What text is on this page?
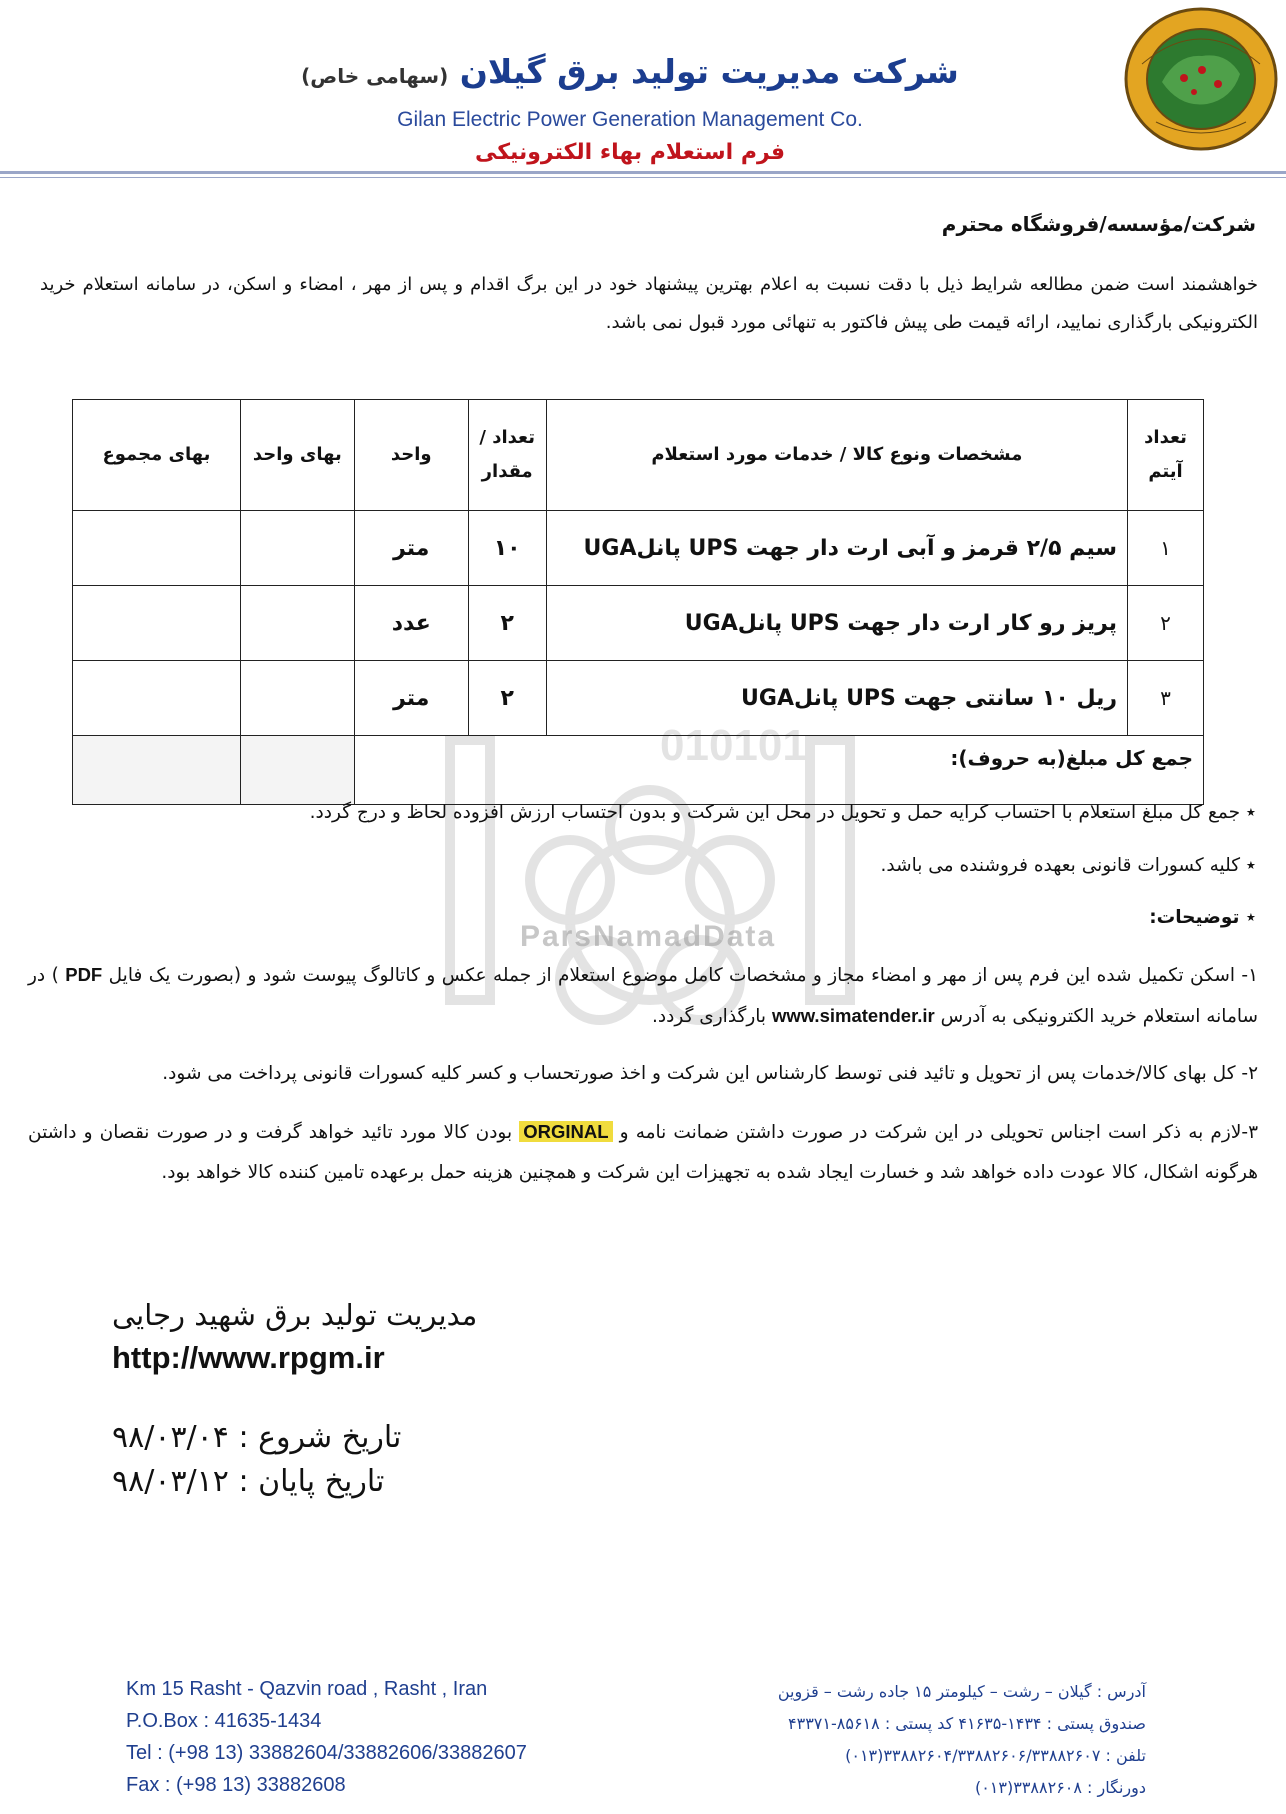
شرکت مدیریت تولید برق گیلان (سهامی خاص)
Gilan Electric Power Generation Management Co.
فرم استعلام بهاء الکترونیکی
شرکت/مؤسسه/فروشگاه محترم
خواهشمند است ضمن مطالعه شرایط ذیل با دقت نسبت به اعلام بهترین پیشنهاد خود در این برگ اقدام و پس از مهر ، امضاء و اسکن، در سامانه استعلام خرید الکترونیکی بارگذاری نمایید، ارائه قیمت طی پیش فاکتور به تنهائی مورد قبول نمی باشد.
010101
ParsNamadData
تعداد آیتم	مشخصات ونوع کالا / خدمات مورد استعلام	تعداد / مقدار	واحد	بهای واحد	بهای مجموع
۱	سیم ۲/۵ قرمز و آبی ارت دار جهت UPS پانلUGA	۱۰	متر		
۲	پریز رو کار ارت دار جهت UPS پانلUGA	۲	عدد		
۳	ریل ۱۰ سانتی جهت UPS پانلUGA	۲	متر		
جمع کل مبلغ(به حروف):					
٭ جمع کل مبلغ استعلام با احتساب کرایه حمل و تحویل در محل این شرکت و بدون احتساب ارزش افزوده لحاظ و درج گردد.
٭ کلیه کسورات قانونی بعهده فروشنده می باشد.
٭ توضیحات:
۱- اسکن تکمیل شده این فرم پس از مهر و امضاء مجاز و مشخصات کامل موضوع استعلام از جمله عکس و کاتالوگ پیوست شود و (بصورت یک فایل PDF ) در سامانه استعلام خرید الکترونیکی به آدرس www.simatender.ir بارگذاری گردد.
۲- کل بهای کالا/خدمات پس از تحویل و تائید فنی توسط کارشناس این شرکت و اخذ صورتحساب و کسر کلیه کسورات قانونی پرداخت می شود.
۳-لازم به ذکر است اجناس تحویلی در این شرکت در صورت داشتن ضمانت نامه و ORGINAL بودن کالا مورد تائید خواهد گرفت و در صورت نقصان و داشتن هرگونه اشکال، کالا عودت داده خواهد شد و خسارت ایجاد شده به تجهیزات این شرکت و همچنین هزینه حمل برعهده تامین کننده کالا خواهد بود.
مدیریت تولید برق شهید رجایی
http://www.rpgm.ir
تاریخ شروع : ۹۸/۰۳/۰۴
تاریخ پایان : ۹۸/۰۳/۱۲
Km 15 Rasht - Qazvin road , Rasht , Iran
P.O.Box : 41635-1434
Tel : (+98 13) 33882604/33882606/33882607
Fax : (+98 13) 33882608
آدرس : گیلان – رشت – کیلومتر ۱۵ جاده رشت – قزوین
صندوق پستی : ۱۴۳۴-۴۱۶۳۵ کد پستی : ۸۵۶۱۸-۴۳۳۷۱
تلفن : ۳۳۸۸۲۶۰۴/۳۳۸۸۲۶۰۶/۳۳۸۸۲۶۰۷(۰۱۳)
دورنگار : ۳۳۸۸۲۶۰۸(۰۱۳)
